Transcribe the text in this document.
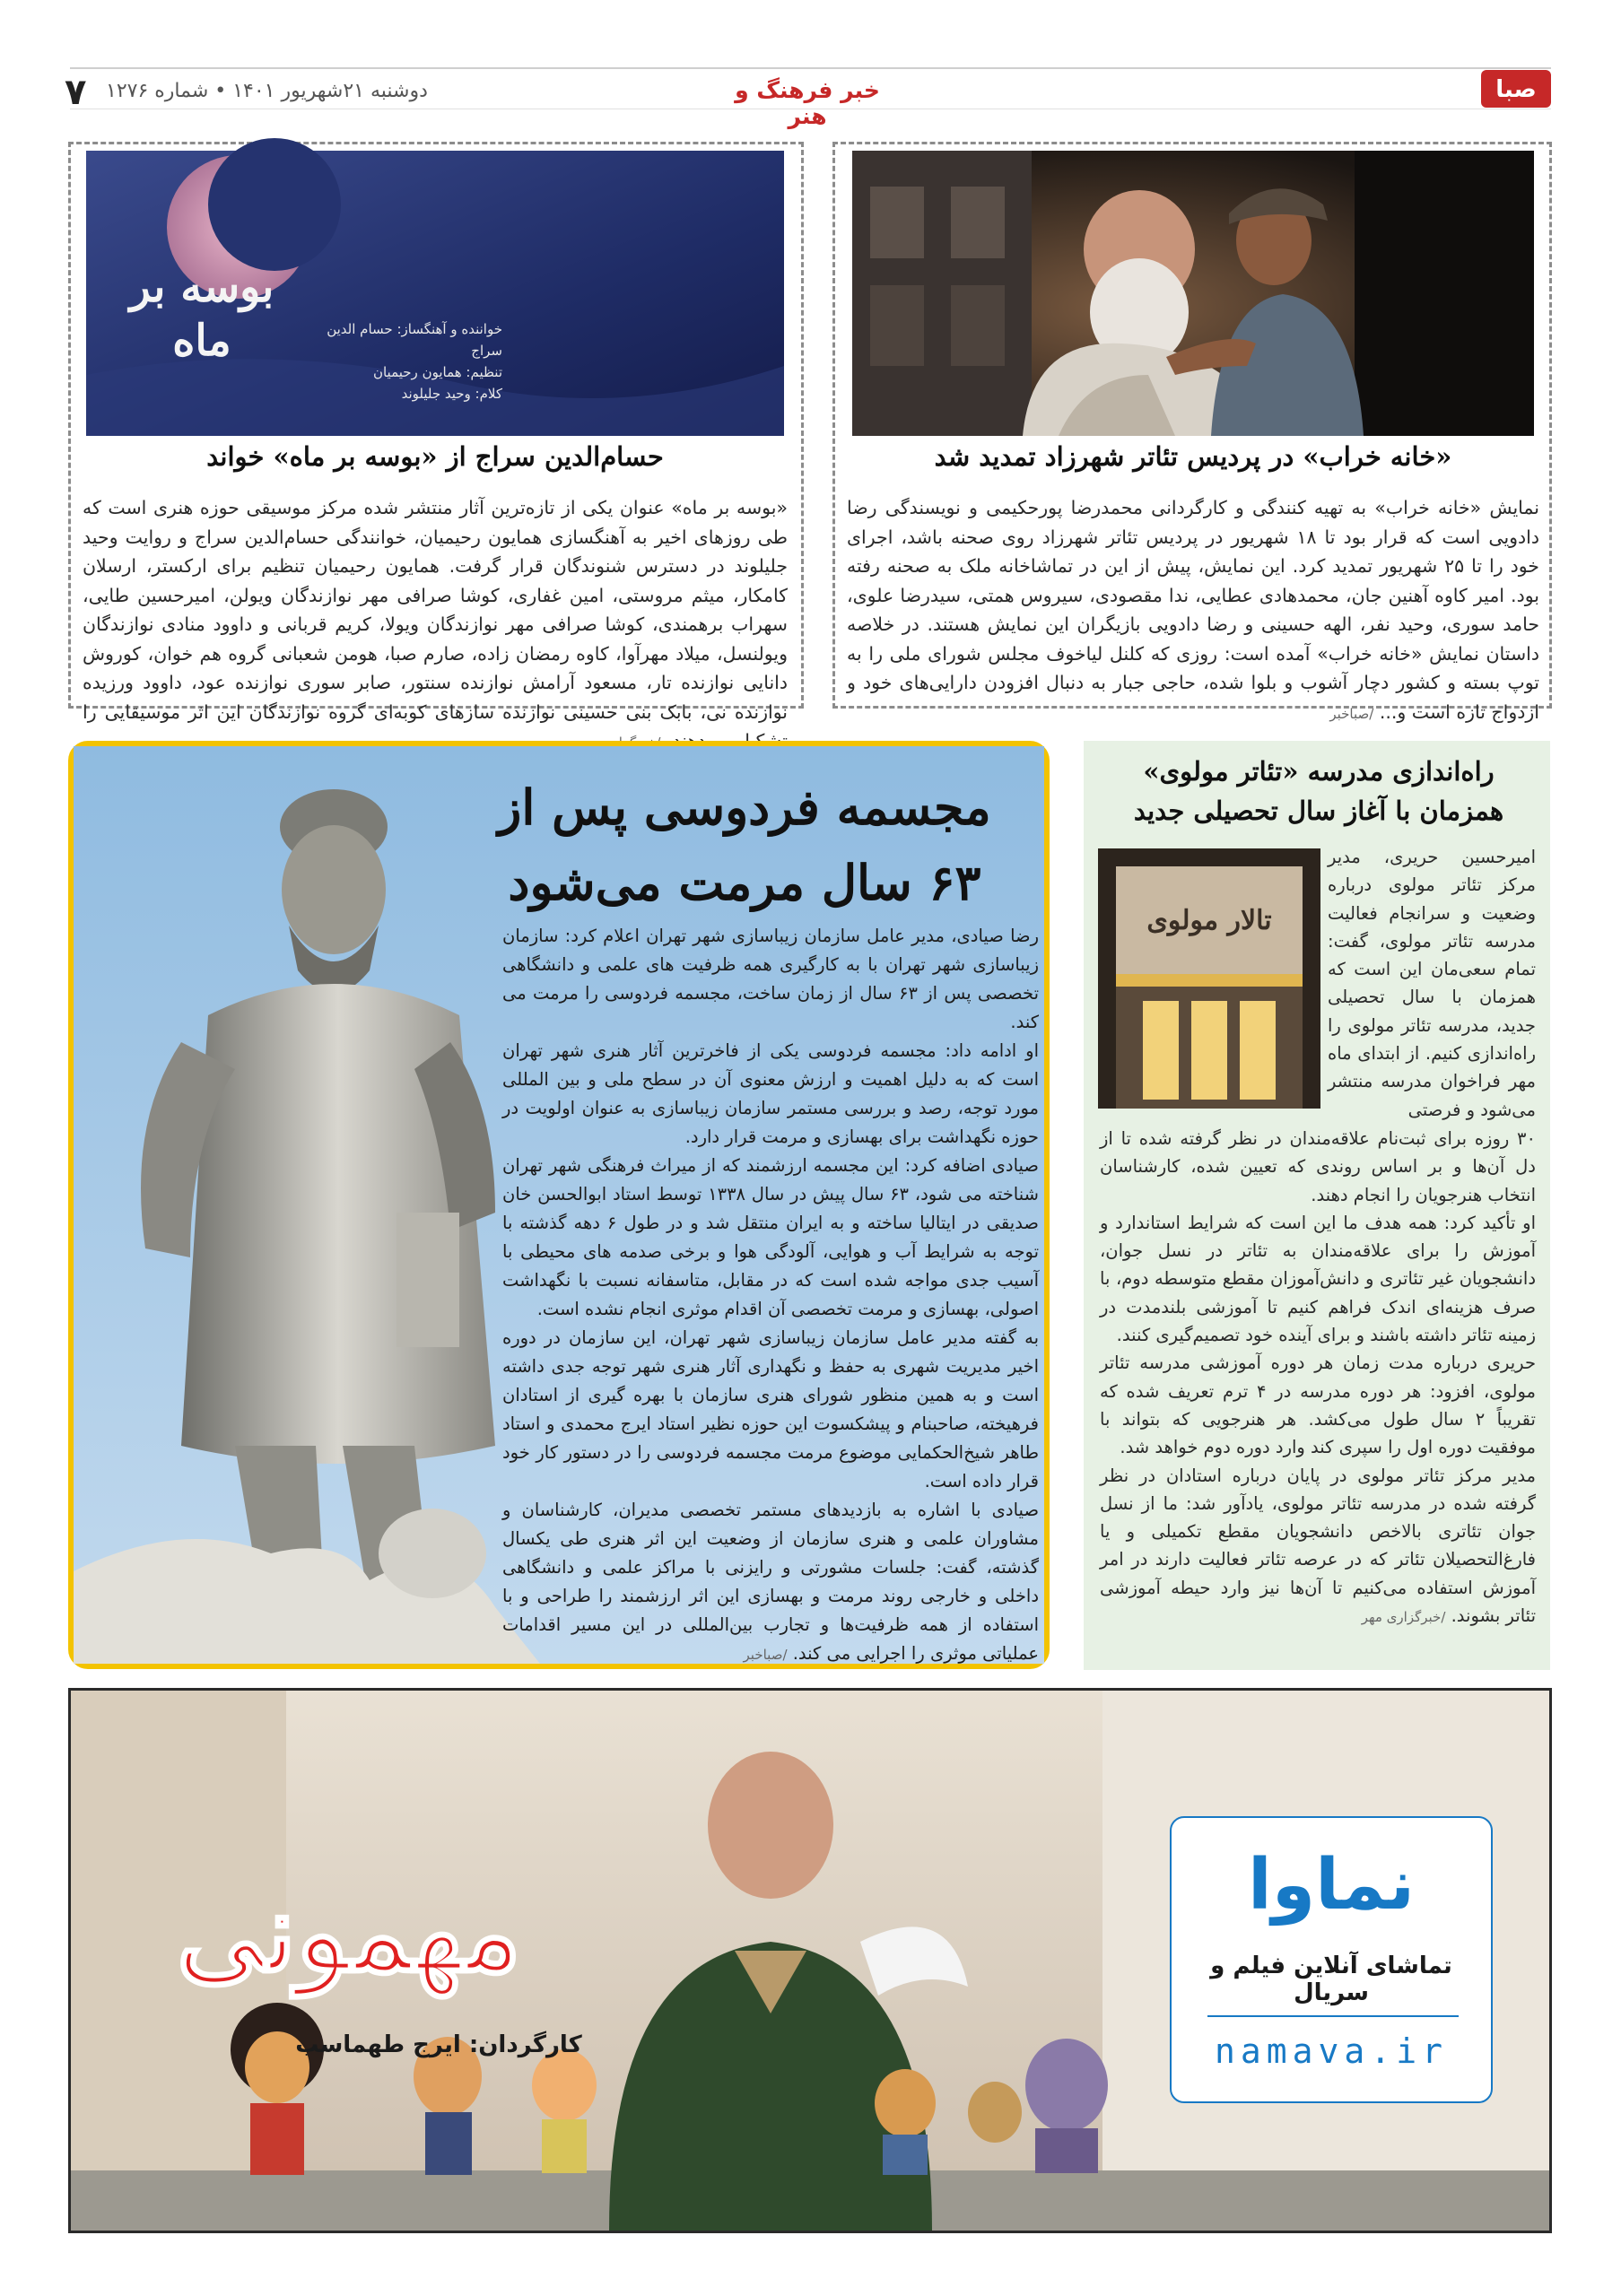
۷ دوشنبه ۲۱شهریور ۱۴۰۱ • شماره ۱۲۷۶	خبر فرهنگ و هنر
صبا
«خانه خراب» در پردیس تئاتر شهرزاد تمدید شد
نمایش «خانه خراب» به تهیه کنندگی و کارگردانی محمدرضا پورحکیمی و نویسندگی رضا دادویی است که قرار بود تا ۱۸ شهریور در پردیس تئاتر شهرزاد روی صحنه باشد، اجرای خود را تا ۲۵ شهریور تمدید کرد. این نمایش، پیش از این در تماشاخانه ملک به صحنه رفته بود. امیر کاوه آهنین جان، محمدهادی عطایی، ندا مقصودی، سیروس همتی، سیدرضا علوی، حامد سوری، وحید نفر، الهه حسینی و رضا دادویی بازیگران این نمایش هستند. در خلاصه داستان نمایش «خانه خراب» آمده است: روزی که کلنل لیاخوف مجلس شورای ملی را به توپ بسته و کشور دچار آشوب و بلوا شده، حاجی جبار به دنبال افزودن دارایی‌های خود و ازدواج تازه است و... /صباخبر
بوسه بر ماه	خواننده و آهنگساز: حسام الدین سراج
تنظیم: همایون رحیمیان
کلام: وحید جلیلوند
حسام‌الدین سراج از «بوسه بر ماه» خواند
«بوسه بر ماه» عنوان یکی از تازه‌ترین آثار منتشر شده مرکز موسیقی حوزه هنری است که طی روزهای اخیر به آهنگسازی همایون رحیمیان، خوانندگی حسام‌الدین سراج و روایت وحید جلیلوند در دسترس شنوندگان قرار گرفت. همایون رحیمیان تنظیم برای ارکستر، ارسلان کامکار، میثم مروستی، امین غفاری، کوشا صرافی مهر نوازندگان ویولن، امیرحسین طایی، سهراب برهمندی، کوشا صرافی مهر نوازندگان ویولا، کریم قربانی و داوود منادی نوازندگان ویولنسل، میلاد مهرآوا، کاوه رمضان زاده، صارم صبا، هومن شعبانی گروه هم خوان، کوروش دانایی نوازنده تار، مسعود آرامش نوازنده سنتور، صابر سوری نوازنده عود، داوود ورزیده نوازنده نی، بابک بنی حسینی نوازنده سازهای کوبه‌ای گروه نوازندگان این اثر موسیقایی را
مجسمه فردوسی پس از ۶۳ سال مرمت می‌شود
رضا صیادی، مدیر عامل سازمان زیباسازی شهر تهران اعلام کرد: سازمان زیباسازی شهر تهران با به کارگیری همه ظرفیت های علمی و دانشگاهی تخصصی پس از ۶۳ سال از زمان ساخت، مجسمه فردوسی را مرمت می کند.
او ادامه داد: مجسمه فردوسی یکی از فاخرترین آثار هنری شهر تهران است که به دلیل اهمیت و ارزش معنوی آن در سطح ملی و بین المللی مورد توجه، رصد و بررسی مستمر سازمان زیباسازی به عنوان اولویت در حوزه نگهداشت برای بهسازی و مرمت قرار دارد.
صیادی اضافه کرد: این مجسمه ارزشمند که از میراث فرهنگی شهر تهران شناخته می شود، ۶۳ سال پیش در سال ۱۳۳۸ توسط استاد ابوالحسن خان صدیقی در ایتالیا ساخته و به ایران منتقل شد و در طول ۶ دهه گذشته با توجه به شرایط آب و هوایی، آلودگی هوا و برخی صدمه های محیطی با آسیب جدی مواجه شده است که در مقابل، متاسفانه نسبت با نگهداشت اصولی، بهسازی و مرمت تخصصی آن اقدام موثری انجام نشده است.
به گفته مدیر عامل سازمان زیباسازی شهر تهران، این سازمان در دوره اخیر مدیریت شهری به حفظ و نگهداری آثار هنری شهر توجه جدی داشته است و به همین منظور شورای هنری سازمان با بهره گیری از استادان فرهیخته، صاحبنام و پیشکسوت این حوزه نظیر استاد ایرج محمدی و استاد طاهر شیخ‌الحکمایی موضوع مرمت مجسمه فردوسی را در دستور کار خود قرار داده است.
صیادی با اشاره به بازدیدهای مستمر تخصصی مدیران، کارشناسان و مشاوران علمی و هنری سازمان از وضعیت این اثر هنری طی یکسال گذشته، گفت: جلسات مشورتی و رایزنی با مراکز علمی و دانشگاهی داخلی و خارجی روند مرمت و بهسازی این اثر ارزشمند را طراحی و با استفاده از همه ظرفیت‌ها و تجارب بین‌المللی در این مسیر اقدامات عملیاتی موثری را اجرایی می کند. /صباخبر
راه‌اندازی مدرسه «تئاتر مولوی»
همزمان با آغاز سال تحصیلی جدید
تالار مولوی
امیرحسین حریری، مدیر مرکز تئاتر مولوی درباره وضعیت و سرانجام فعالیت مدرسه تئاتر مولوی، گفت: تمام سعی‌مان این است که همزمان با سال تحصیلی جدید، مدرسه تئاتر مولوی را راه‌اندازی کنیم. از ابتدای ماه مهر فراخوان مدرسه منتشر می‌شود و فرصتی
۳۰ روزه برای ثبت‌نام علاقه‌مندان در نظر گرفته شده تا از دل آن‌ها و بر اساس روندی که تعیین شده، کارشناسان انتخاب هنرجویان را انجام دهند.
او تأکید کرد: همه هدف ما این است که شرایط استاندارد و آموزش را برای علاقه‌مندان به تئاتر در نسل جوان، دانشجویان غیر تئاتری و دانش‌آموزان مقطع متوسطه دوم، با صرف هزینه‌ای اندک فراهم کنیم تا آموزشی بلندمدت در زمینه تئاتر داشته باشند و برای آینده خود تصمیم‌گیری کنند.
حریری درباره مدت زمان هر دوره آموزشی مدرسه تئاتر مولوی، افزود: هر دوره مدرسه در ۴ ترم تعریف شده که تقریباً ۲ سال طول می‌کشد. هر هنرجویی که بتواند با موفقیت دوره اول را سپری کند وارد دوره دوم خواهد شد.
مدیر مرکز تئاتر مولوی در پایان درباره استادان در نظر گرفته شده در مدرسه تئاتر مولوی، یادآور شد: ما از نسل جوان تئاتری بالاخص دانشجویان مقطع تکمیلی و یا فارغ‌التحصیلان تئاتر که در عرصه تئاتر فعالیت دارند در امر آموزش استفاده می‌کنیم تا آن‌ها نیز وارد حیطه آموزشی تئاتر بشوند. /خبرگزاری مهر
مهمونی
کارگردان: ایرج طهماسب
نماوا
تماشای آنلاین فیلم و سریال
namava.ir
